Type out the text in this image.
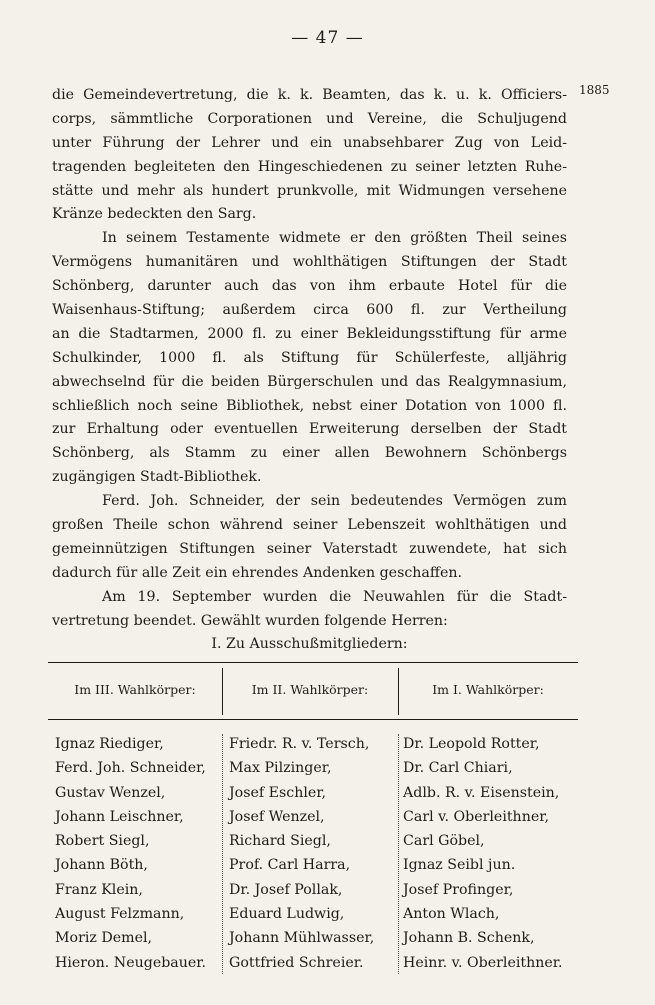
— 47 —
1885
die Gemeindevertretung, die k. k. Beamten, das k. u. k. Officiers-
corps, sämmtliche Corporationen und Vereine, die Schuljugend
unter Führung der Lehrer und ein unabsehbarer Zug von Leid-
tragenden begleiteten den Hingeschiedenen zu seiner letzten Ruhe-
stätte und mehr als hundert prunkvolle, mit Widmungen versehene
Kränze bedeckten den Sarg.
In seinem Testamente widmete er den größten Theil seines
Vermögens humanitären und wohlthätigen Stiftungen der Stadt
Schönberg, darunter auch das von ihm erbaute Hotel für die
Waisenhaus-Stiftung; außerdem circa 600 fl. zur Vertheilung
an die Stadtarmen, 2000 fl. zu einer Bekleidungsstiftung für arme
Schulkinder, 1000 fl. als Stiftung für Schülerfeste, alljährig
abwechselnd für die beiden Bürgerschulen und das Realgymnasium,
schließlich noch seine Bibliothek, nebst einer Dotation von 1000 fl.
zur Erhaltung oder eventuellen Erweiterung derselben der Stadt
Schönberg, als Stamm zu einer allen Bewohnern Schönbergs
zugängigen Stadt-Bibliothek.
Ferd. Joh. Schneider, der sein bedeutendes Vermögen zum
großen Theile schon während seiner Lebenszeit wohlthätigen und
gemeinnützigen Stiftungen seiner Vaterstadt zuwendete, hat sich
dadurch für alle Zeit ein ehrendes Andenken geschaffen.
Am 19. September wurden die Neuwahlen für die Stadt-
vertretung beendet. Gewählt wurden folgende Herren:
I. Zu Ausschußmitgliedern:
Im III. Wahlkörper:	Im II. Wahlkörper:	Im I. Wahlkörper:
Ignaz Riediger,
Ferd. Joh. Schneider,
Gustav Wenzel,
Johann Leischner,
Robert Siegl,
Johann Böth,
Franz Klein,
August Felzmann,
Moriz Demel,
Hieron. Neugebauer.
Friedr. R. v. Tersch,
Max Pilzinger,
Josef Eschler,
Josef Wenzel,
Richard Siegl,
Prof. Carl Harra,
Dr. Josef Pollak,
Eduard Ludwig,
Johann Mühlwasser,
Gottfried Schreier.
Dr. Leopold Rotter,
Dr. Carl Chiari,
Adlb. R. v. Eisenstein,
Carl v. Oberleithner,
Carl Göbel,
Ignaz Seibl jun.
Josef Profinger,
Anton Wlach,
Johann B. Schenk,
Heinr. v. Oberleithner.
